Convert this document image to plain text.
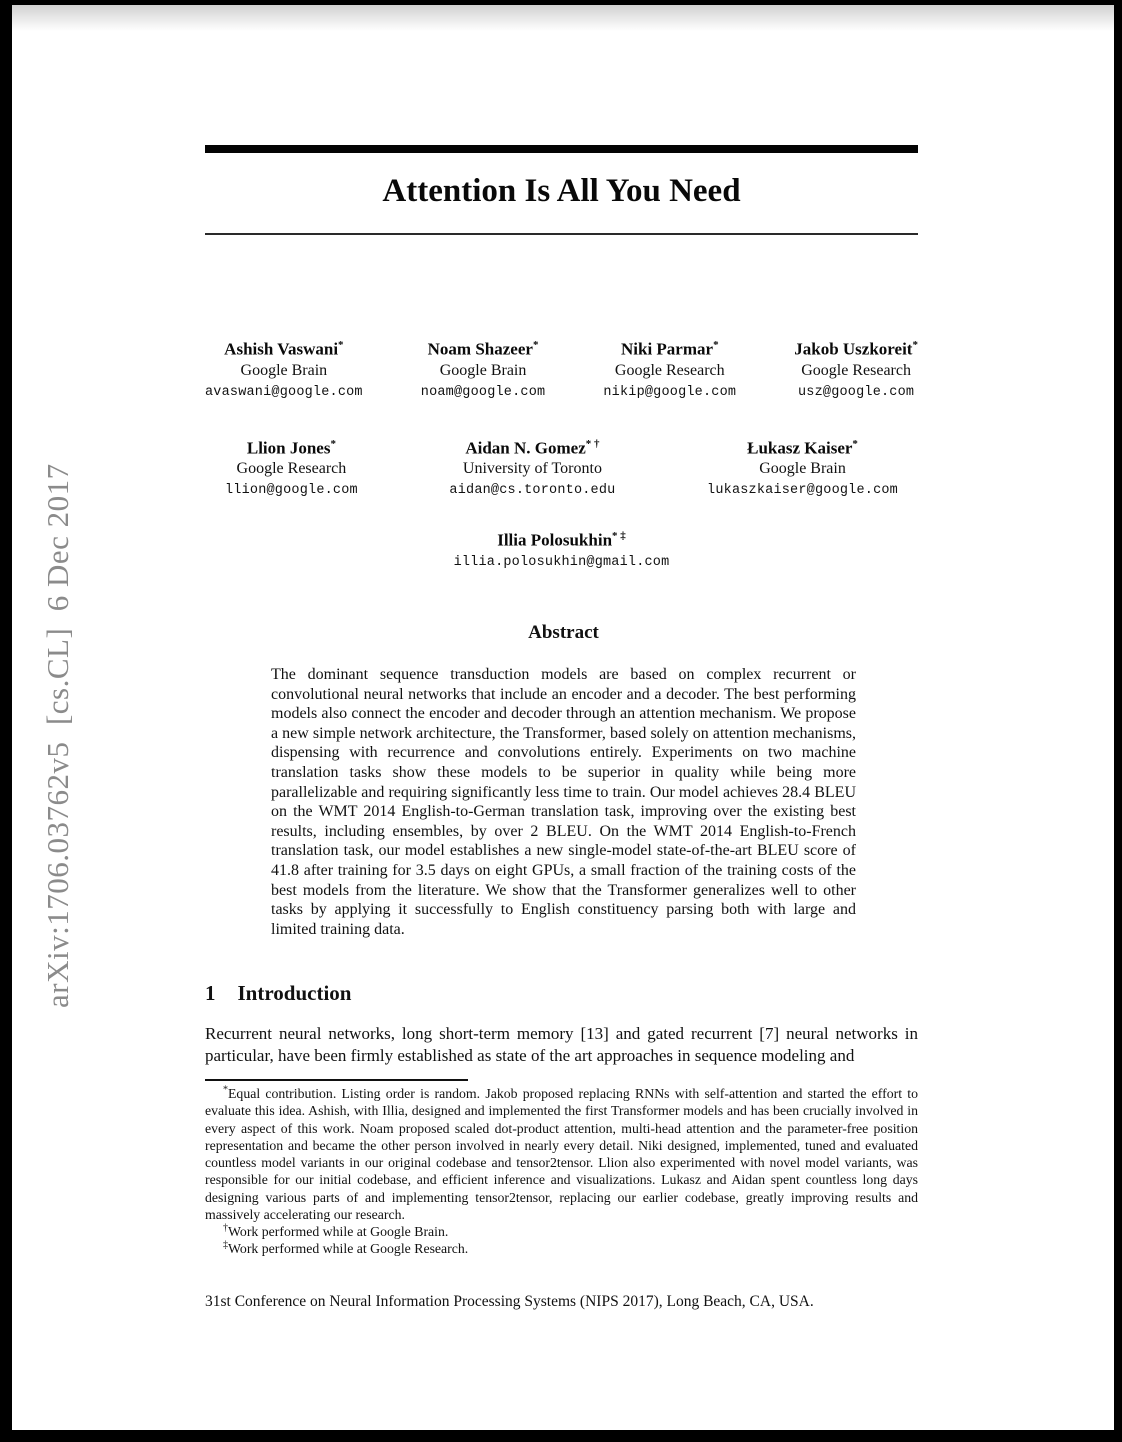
arXiv:1706.03762v5  [cs.CL]  6 Dec 2017
Attention Is All You Need
Ashish Vaswani*
Google Brain
avaswani@google.com
Noam Shazeer*
Google Brain
noam@google.com
Niki Parmar*
Google Research
nikip@google.com
Jakob Uszkoreit*
Google Research
usz@google.com
Llion Jones*
Google Research
llion@google.com
Aidan N. Gomez* †
University of Toronto
aidan@cs.toronto.edu
Łukasz Kaiser*
Google Brain
lukaszkaiser@google.com
Illia Polosukhin* ‡
illia.polosukhin@gmail.com
Abstract

The dominant sequence transduction models are based on complex recurrent or convolutional neural networks that include an encoder and a decoder. The best performing models also connect the encoder and decoder through an attention mechanism. We propose a new simple network architecture, the Transformer, based solely on attention mechanisms, dispensing with recurrence and convolutions entirely. Experiments on two machine translation tasks show these models to be superior in quality while being more parallelizable and requiring significantly less time to train. Our model achieves 28.4 BLEU on the WMT 2014 English-to-German translation task, improving over the existing best results, including ensembles, by over 2 BLEU. On the WMT 2014 English-to-French translation task, our model establishes a new single-model state-of-the-art BLEU score of 41.8 after training for 3.5 days on eight GPUs, a small fraction of the training costs of the best models from the literature. We show that the Transformer generalizes well to other tasks by applying it successfully to English constituency parsing both with large and limited training data.

1 Introduction

Recurrent neural networks, long short-term memory [13] and gated recurrent [7] neural networks in particular, have been firmly established as state of the art approaches in sequence modeling and

*Equal contribution. Listing order is random. Jakob proposed replacing RNNs with self-attention and started the effort to evaluate this idea. Ashish, with Illia, designed and implemented the first Transformer models and has been crucially involved in every aspect of this work. Noam proposed scaled dot-product attention, multi-head attention and the parameter-free position representation and became the other person involved in nearly every detail. Niki designed, implemented, tuned and evaluated countless model variants in our original codebase and tensor2tensor. Llion also experimented with novel model variants, was responsible for our initial codebase, and efficient inference and visualizations. Lukasz and Aidan spent countless long days designing various parts of and implementing tensor2tensor, replacing our earlier codebase, greatly improving results and massively accelerating our research.

†Work performed while at Google Brain.

‡Work performed while at Google Research.

31st Conference on Neural Information Processing Systems (NIPS 2017), Long Beach, CA, USA.
